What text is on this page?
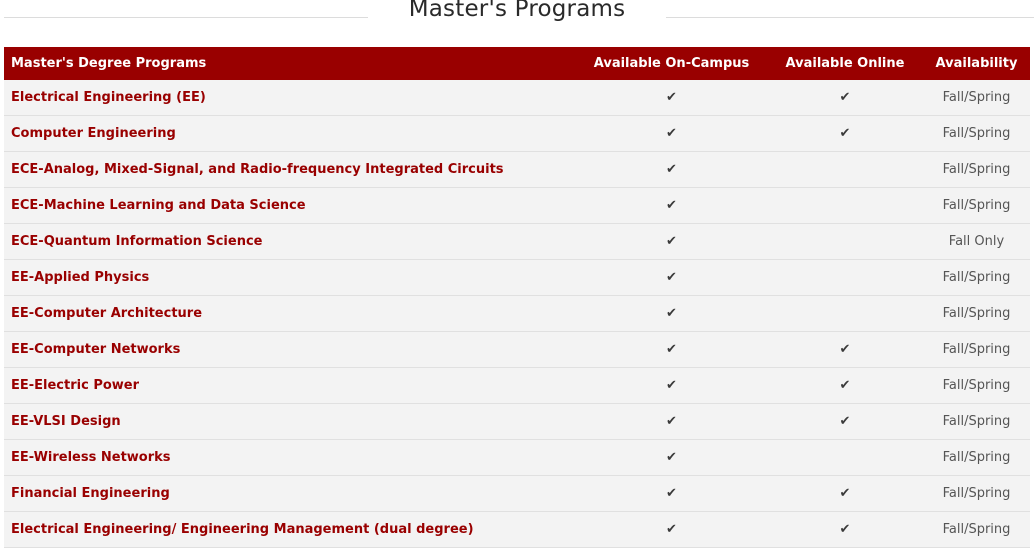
Master's Programs
Master's Degree Programs	Available On-Campus	Available Online	Availability
Electrical Engineering (EE)	✔	✔	Fall/Spring
Computer Engineering	✔	✔	Fall/Spring
ECE-Analog, Mixed-Signal, and Radio-frequency Integrated Circuits	✔		Fall/Spring
ECE-Machine Learning and Data Science	✔		Fall/Spring
ECE-Quantum Information Science	✔		Fall Only
EE-Applied Physics	✔		Fall/Spring
EE-Computer Architecture	✔		Fall/Spring
EE-Computer Networks	✔	✔	Fall/Spring
EE-Electric Power	✔	✔	Fall/Spring
EE-VLSI Design	✔	✔	Fall/Spring
EE-Wireless Networks	✔		Fall/Spring
Financial Engineering	✔	✔	Fall/Spring
Electrical Engineering/ Engineering Management (dual degree)	✔	✔	Fall/Spring
